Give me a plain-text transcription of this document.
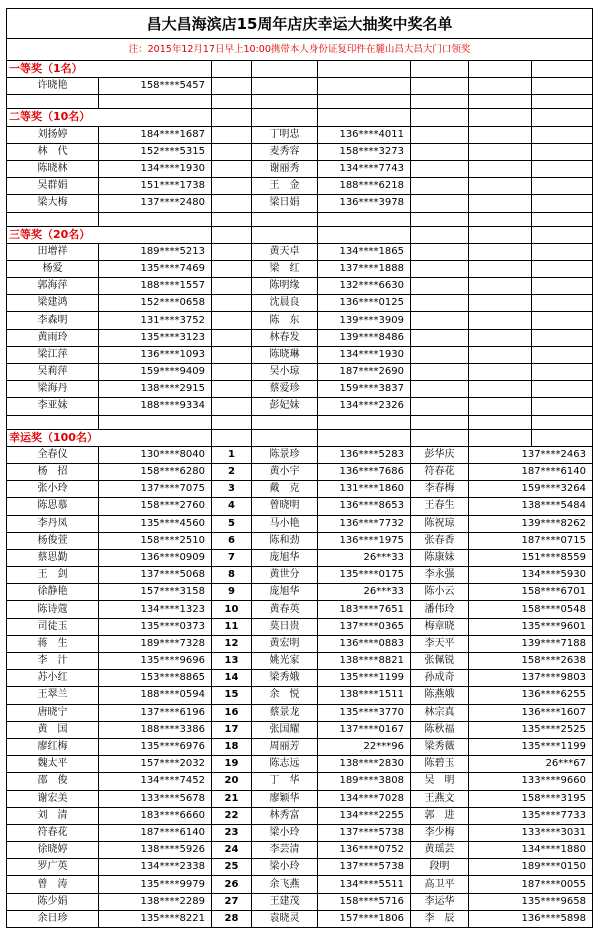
昌大昌海滨店15周年店庆幸运大抽奖中奖名单							
注：2015年12月17日早上10:00携带本人身份证复印件在麓山昌大昌大门口领奖							
一等奖（1名）							
许晓艳	158****5457						

二等奖（10名）							
刘扬婷	184****1687		丁明忠	136****4011			
林　代	152****5315		麦秀容	158****3273			
陈晓林	134****1930		谢丽秀	134****7743			
吴群娟	151****1738		王　金	188****6218			
梁大梅	137****2480		梁日娟	136****3978			

三等奖（20名）							
田增祥	189****5213		黄天卓	134****1865			
杨爱	135****7469		梁　红	137****1888			
郭海萍	188****1557		陈明缘	132****6630			
梁建鸿	152****0658		沈晨良	136****0125			
李森明	131****3752		陈　东	139****3909			
黄雨玲	135****3123		林春发	139****8486			
梁江萍	136****1093		陈晓琳	134****1930			
吴莉萍	159****9409		吴小琼	187****2690			
梁海丹	138****2915		蔡爱珍	159****3837			
李亚妹	188****9334		彭妃妹	134****2326			

幸运奖（100名）							
全春仪	130****8040	1	陈景珍	136****5283	彭华庆	137****2463	
杨　招	158****6280	2	黄小宇	136****7686	符春花	187****6140	
张小玲	137****7075	3	戴　克	131****1860	李春梅	159****3264	
陈思慕	158****2760	4	曾晓明	136****8653	王春生	138****5484	
李丹凤	135****4560	5	马小艳	136****7732	陈祝琼	139****8262	
杨俊萱	158****2510	6	陈和劲	136****1975	张春香	187****0715	
蔡思勤	136****0909	7	庞旭华	26***33	陈康妹	151****8559	
王　剑	137****5068	8	黄世分	135****0175	李永强	134****5930	
徐静艳	157****3158	9	庞旭华	26***33	陈小云	158****6701	
陈诗蔻	134****1323	10	黄春英	183****7651	潘伟玲	158****0548	
司徒玉	135****0373	11	莫日贵	137****0365	梅章晓	135****9601	
蒋　生	189****7328	12	黄宏明	136****0883	李天平	139****7188	
李　汁	135****9696	13	姚光家	138****8821	张佩锐	158****2638	
苏小红	153****8865	14	梁秀娥	135****1199	孙成奇	137****9803	
王翠兰	188****0594	15	余　悦	138****1511	陈燕娥	136****6255	
唐晓宁	137****6196	16	蔡景龙	135****3770	林宗真	136****1607	
黄　国	188****3386	17	张国耀	137****0167	陈秋福	135****2525	
廖红梅	135****6976	18	周丽芳	22***96	梁秀薇	135****1199	
魏太平	157****2032	19	陈志远	138****2830	陈碧玉	26***67	
邵　俊	134****7452	20	丁　华	189****3808	吴　明	133****9660	
谢宏美	133****5678	21	廖颖华	134****7028	王燕文	158****3195	
刘　清	183****6660	22	林秀富	134****2255	郭　进	135****7733	
符春花	187****6140	23	梁小玲	137****5738	李少梅	133****3031	
徐晓婷	138****5926	24	李芸清	136****0752	黄瑶芸	134****1880	
罗广英	134****2338	25	梁小玲	137****5738	段明	189****0150	
曾　涛	135****9979	26	余飞燕	134****5511	高卫平	187****0055	
陈少娟	138****2289	27	王建茂	158****5716	李运华	135****9658	
余日珍	135****8221	28	袁晓灵	157****1806	李　辰	136****5898	
